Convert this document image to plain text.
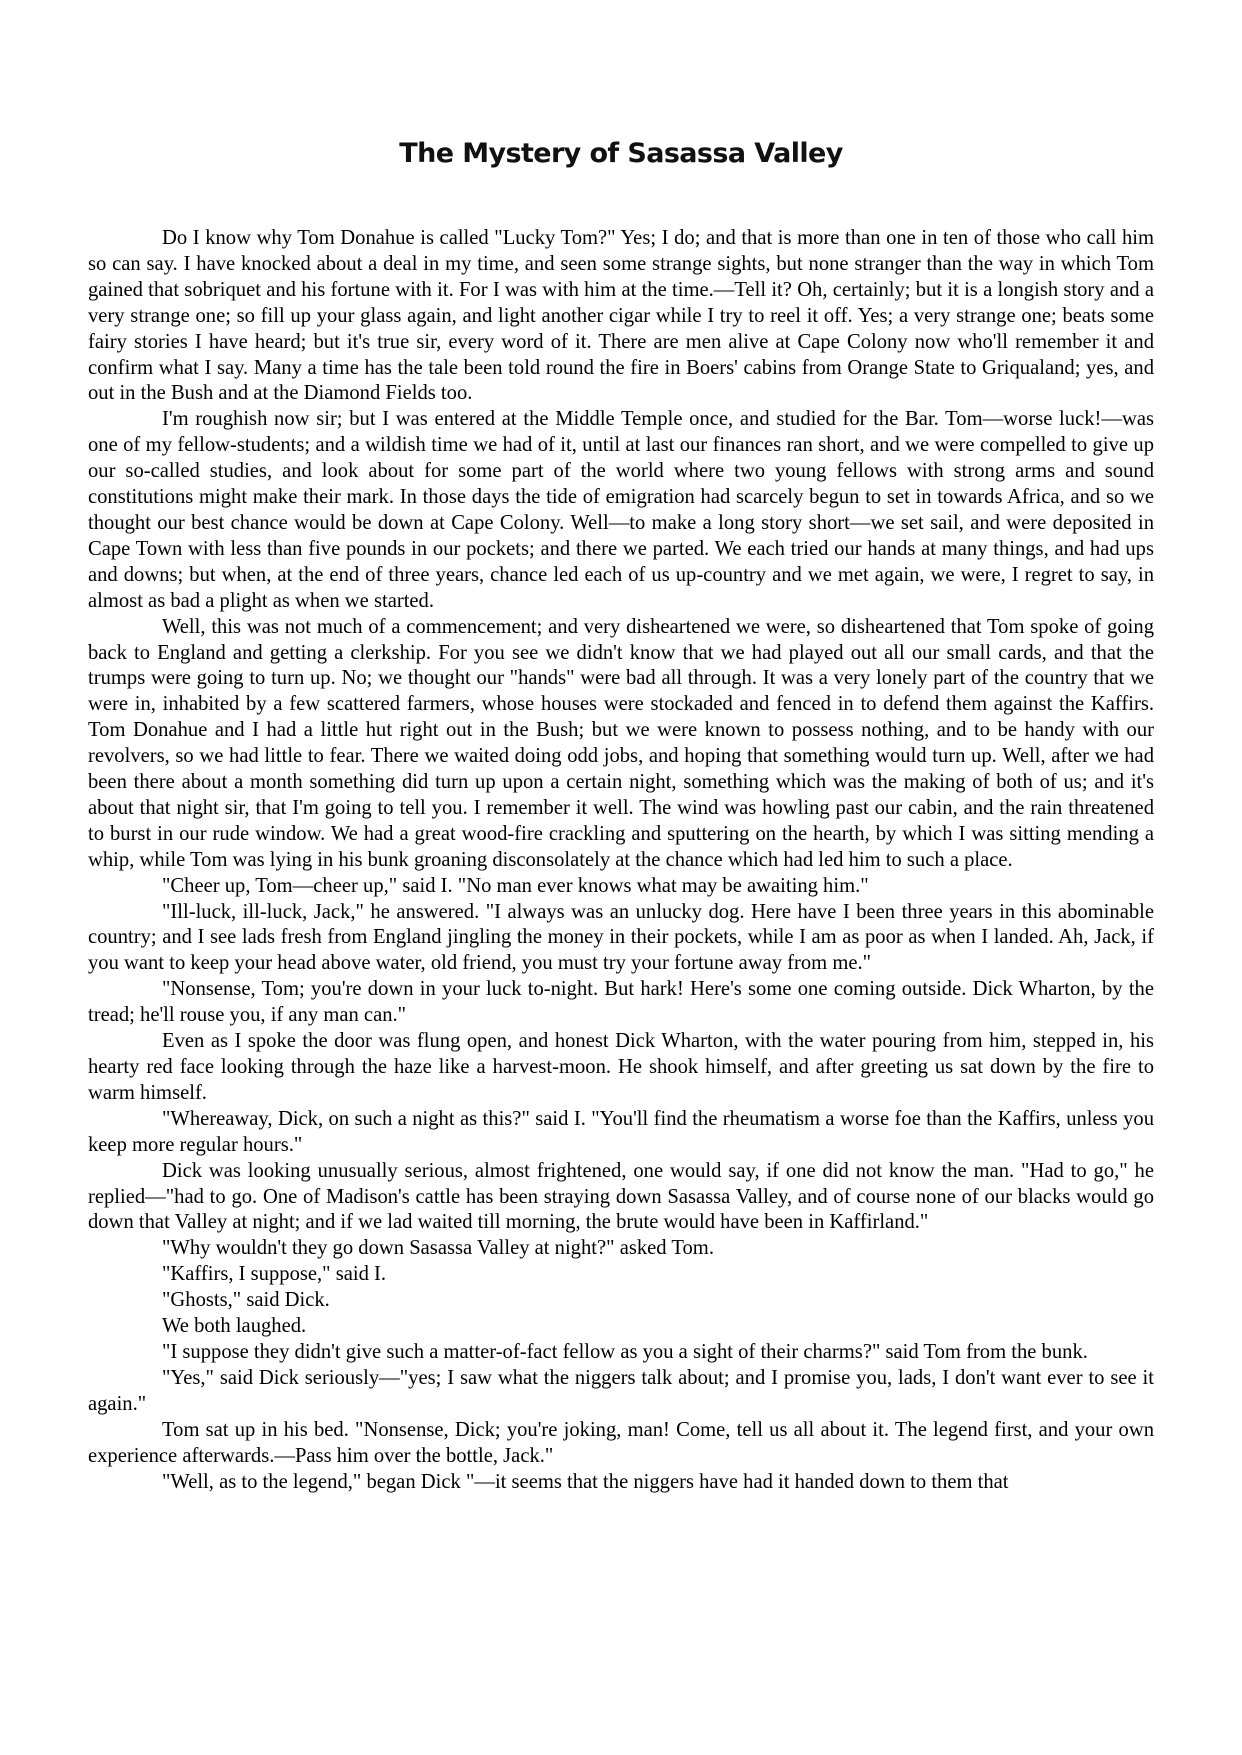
The Mystery of Sasassa Valley

Do I know why Tom Donahue is called "Lucky Tom?" Yes; I do; and that is more than one in ten of those who call him so can say. I have knocked about a deal in my time, and seen some strange sights, but none stranger than the way in which Tom gained that sobriquet and his fortune with it. For I was with him at the time.—Tell it? Oh, certainly; but it is a longish story and a very strange one; so fill up your glass again, and light another cigar while I try to reel it off. Yes; a very strange one; beats some fairy stories I have heard; but it's true sir, every word of it. There are men alive at Cape Colony now who'll remember it and confirm what I say. Many a time has the tale been told round the fire in Boers' cabins from Orange State to Griqualand; yes, and out in the Bush and at the Diamond Fields too.

I'm roughish now sir; but I was entered at the Middle Temple once, and studied for the Bar. Tom—worse luck!—was one of my fellow-students; and a wildish time we had of it, until at last our finances ran short, and we were compelled to give up our so-called studies, and look about for some part of the world where two young fellows with strong arms and sound constitutions might make their mark. In those days the tide of emigration had scarcely begun to set in towards Africa, and so we thought our best chance would be down at Cape Colony. Well—to make a long story short—we set sail, and were deposited in Cape Town with less than five pounds in our pockets; and there we parted. We each tried our hands at many things, and had ups and downs; but when, at the end of three years, chance led each of us up-country and we met again, we were, I regret to say, in almost as bad a plight as when we started.

Well, this was not much of a commencement; and very disheartened we were, so disheartened that Tom spoke of going back to England and getting a clerkship. For you see we didn't know that we had played out all our small cards, and that the trumps were going to turn up. No; we thought our "hands" were bad all through. It was a very lonely part of the country that we were in, inhabited by a few scattered farmers, whose houses were stockaded and fenced in to defend them against the Kaffirs. Tom Donahue and I had a little hut right out in the Bush; but we were known to possess nothing, and to be handy with our revolvers, so we had little to fear. There we waited doing odd jobs, and hoping that something would turn up. Well, after we had been there about a month something did turn up upon a certain night, something which was the making of both of us; and it's about that night sir, that I'm going to tell you. I remember it well. The wind was howling past our cabin, and the rain threatened to burst in our rude window. We had a great wood-fire crackling and sputtering on the hearth, by which I was sitting mending a whip, while Tom was lying in his bunk groaning disconsolately at the chance which had led him to such a place.

"Cheer up, Tom—cheer up," said I. "No man ever knows what may be awaiting him."

"Ill-luck, ill-luck, Jack," he answered. "I always was an unlucky dog. Here have I been three years in this abominable country; and I see lads fresh from England jingling the money in their pockets, while I am as poor as when I landed. Ah, Jack, if you want to keep your head above water, old friend, you must try your fortune away from me."

"Nonsense, Tom; you're down in your luck to-night. But hark! Here's some one coming outside. Dick Wharton, by the tread; he'll rouse you, if any man can."

Even as I spoke the door was flung open, and honest Dick Wharton, with the water pouring from him, stepped in, his hearty red face looking through the haze like a harvest-moon. He shook himself, and after greeting us sat down by the fire to warm himself.

"Whereaway, Dick, on such a night as this?" said I. "You'll find the rheumatism a worse foe than the Kaffirs, unless you keep more regular hours."

Dick was looking unusually serious, almost frightened, one would say, if one did not know the man. "Had to go," he replied—"had to go. One of Madison's cattle has been straying down Sasassa Valley, and of course none of our blacks would go down that Valley at night; and if we lad waited till morning, the brute would have been in Kaffirland."

"Why wouldn't they go down Sasassa Valley at night?" asked Tom.

"Kaffirs, I suppose," said I.

"Ghosts," said Dick.

We both laughed.

"I suppose they didn't give such a matter-of-fact fellow as you a sight of their charms?" said Tom from the bunk.

"Yes," said Dick seriously—"yes; I saw what the niggers talk about; and I promise you, lads, I don't want ever to see it again."

Tom sat up in his bed. "Nonsense, Dick; you're joking, man! Come, tell us all about it. The legend first, and your own experience afterwards.—Pass him over the bottle, Jack."

"Well, as to the legend," began Dick "—it seems that the niggers have had it handed down to them that
